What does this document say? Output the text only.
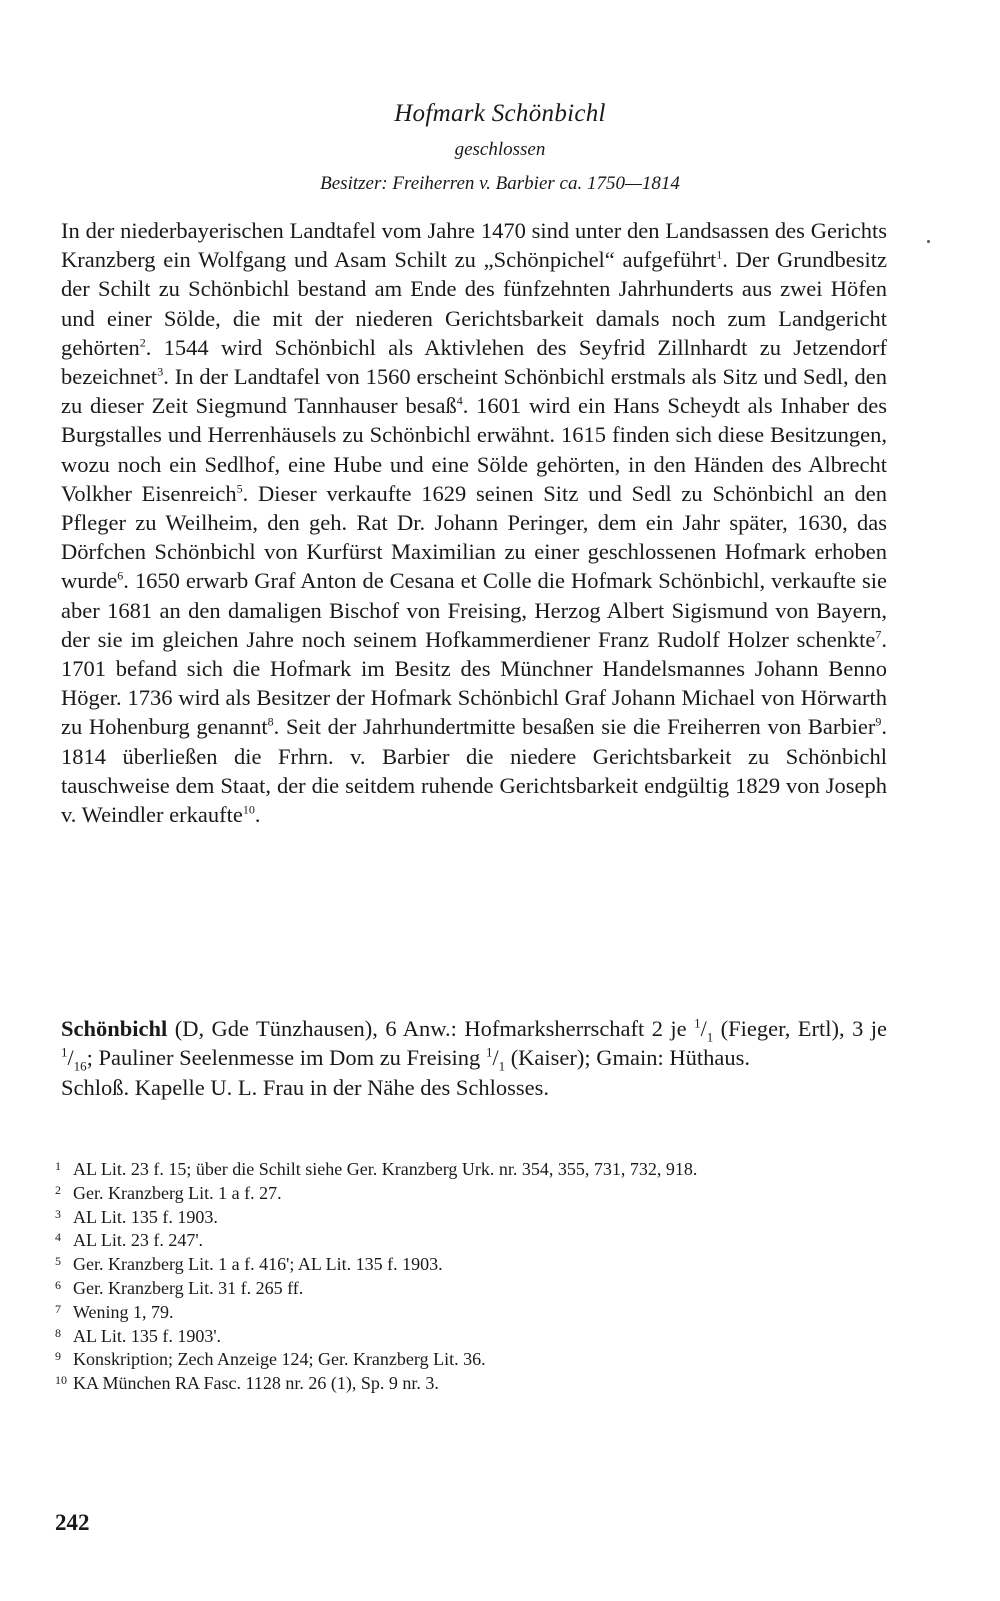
Hofmark Schönbichl
geschlossen
Besitzer: Freiherren v. Barbier ca. 1750—1814

In der niederbayerischen Landtafel vom Jahre 1470 sind unter den Landsassen des Gerichts Kranzberg ein Wolfgang und Asam Schilt zu „Schönpichel“ aufgeführt$^1$. Der Grundbesitz der Schilt zu Schönbichl bestand am Ende des fünfzehnten Jahrhunderts aus zwei Höfen und einer Sölde, die mit der niederen Gerichtsbarkeit damals noch zum Landgericht gehörten$^2$. 1544 wird Schönbichl als Aktivlehen des Seyfrid Zillnhardt zu Jetzendorf bezeichnet$^3$. In der Landtafel von 1560 erscheint Schönbichl erstmals als Sitz und Sedl, den zu dieser Zeit Siegmund Tannhauser besaß$^4$. 1601 wird ein Hans Scheydt als Inhaber des Burgstalles und Herrenhäusels zu Schönbichl erwähnt. 1615 finden sich diese Besitzungen, wozu noch ein Sedlhof, eine Hube und eine Sölde gehörten, in den Händen des Albrecht Volkher Eisenreich$^5$. Dieser verkaufte 1629 seinen Sitz und Sedl zu Schönbichl an den Pfleger zu Weilheim, den geh. Rat Dr. Johann Peringer, dem ein Jahr später, 1630, das Dörfchen Schönbichl von Kurfürst Maximilian zu einer geschlossenen Hofmark erhoben wurde$^6$. 1650 erwarb Graf Anton de Cesana et Colle die Hofmark Schönbichl, verkaufte sie aber 1681 an den damaligen Bischof von Freising, Herzog Albert Sigismund von Bayern, der sie im gleichen Jahre noch seinem Hofkammerdiener Franz Rudolf Holzer schenkte$^7$. 1701 befand sich die Hofmark im Besitz des Münchner Handelsmannes Johann Benno Höger. 1736 wird als Besitzer der Hofmark Schönbichl Graf Johann Michael von Hörwarth zu Hohenburg genannt$^8$. Seit der Jahrhundertmitte besaßen sie die Freiherren von Barbier$^9$. 1814 überließen die Frhrn. v. Barbier die niedere Gerichtsbarkeit zu Schönbichl tauschweise dem Staat, der die seitdem ruhende Gerichtsbarkeit endgültig 1829 von Joseph v. Weindler erkaufte$^{10}$.

Schönbichl (D, Gde Tünzhausen), 6 Anw.: Hofmarksherrschaft 2 je $^1/_1$ (Fieger, Ertl), 3 je $^1/_{16}$; Pauliner Seelenmesse im Dom zu Freising $^1/_1$ (Kaiser); Gmain: Hüthaus.

Schloß. Kapelle U. L. Frau in der Nähe des Schlosses.

1 AL Lit. 23 f. 15; über die Schilt siehe Ger. Kranzberg Urk. nr. 354, 355, 731, 732, 918.

2 Ger. Kranzberg Lit. 1 a f. 27.

3 AL Lit. 135 f. 1903.

4 AL Lit. 23 f. 247'.

5 Ger. Kranzberg Lit. 1 a f. 416'; AL Lit. 135 f. 1903.

6 Ger. Kranzberg Lit. 31 f. 265 ff.

7 Wening 1, 79.

8 AL Lit. 135 f. 1903'.

9 Konskription; Zech Anzeige 124; Ger. Kranzberg Lit. 36.

10 KA München RA Fasc. 1128 nr. 26 (1), Sp. 9 nr. 3.

242
